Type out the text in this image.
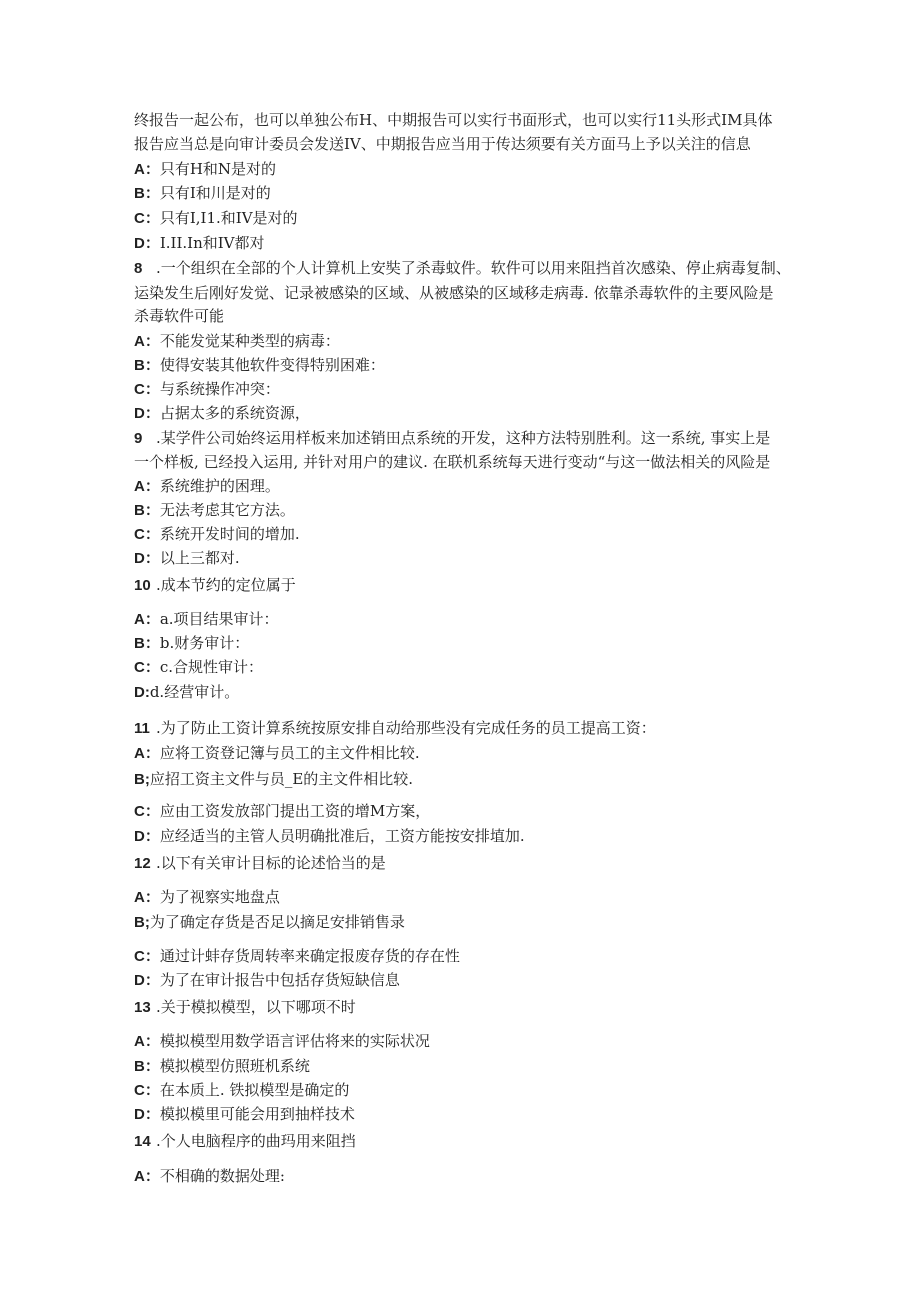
终报告一起公布，也可以单独公布H、中期报告可以实行书面形式，也可以实行11头形式IM具体
报告应当总是向审计委员会发送IV、中期报告应当用于传达须要有关方面马上予以关注的信息
A：只有H和N是对的
B：只有I和川是对的
C：只有I,I1.和IV是对的
D：I.II.In和IV都对
8 .一个组织在全部的个人计算机上安奘了杀毒蚊件。软件可以用来阻挡首次感染、停止病毒复制、
运染发生后刚好发觉、记录被感染的区域、从被感染的区域移走病毒. 依靠杀毒软件的主要风险是
杀毒软件可能
A：不能发觉某种类型的病毒：
B：使得安装其他软件变得特别困难：
C：与系统操作冲突：
D：占据太多的系统资源，
9 .某学件公司始终运用样板来加述销田点系统的开发，这种方法特别胜利。这一系统, 事实上是
一个样板, 已经投入运用, 并针对用户的建议. 在联机系统每天进行变动“与这一做法相关的风险是
A：系统维护的困理。
B：无法考虑其它方法。
C：系统开发时间的增加.
D：以上三都对.
10 .成本节约的定位属于
A：a.项目结果审计：
B：b.财务审计：
C：c.合规性审计：
D:d.经营审计。
11 .为了防止工资计算系统按原安排自动给那些没有完成任务的员工提高工资：
A：应将工资登记簿与员工的主文件相比较.
B;应招工资主文件与员_E的主文件相比较.
C：应由工资发放部门提出工资的增M方案，
D：应经适当的主管人员明确批准后，工资方能按安排埴加.
12 .以下有关审计目标的论述恰当的是
A：为了视察实地盘点
B;为了确定存货是否足以摘足安排销售录
C：通过计蚌存货周转率来确定报废存货的存在性
D：为了在审计报告中包括存货短缺信息
13 .关于模拟模型，以下哪项不时
A：模拟模型用数学语言评估将来的实际状况
B：模拟模型仿照班机系统
C：在本质上. 铁拟模型是确定的
D：模拟模里可能会用到抽样技术
14 .个人电脑程序的曲玛用来阻挡
A：不相确的数据处理:
